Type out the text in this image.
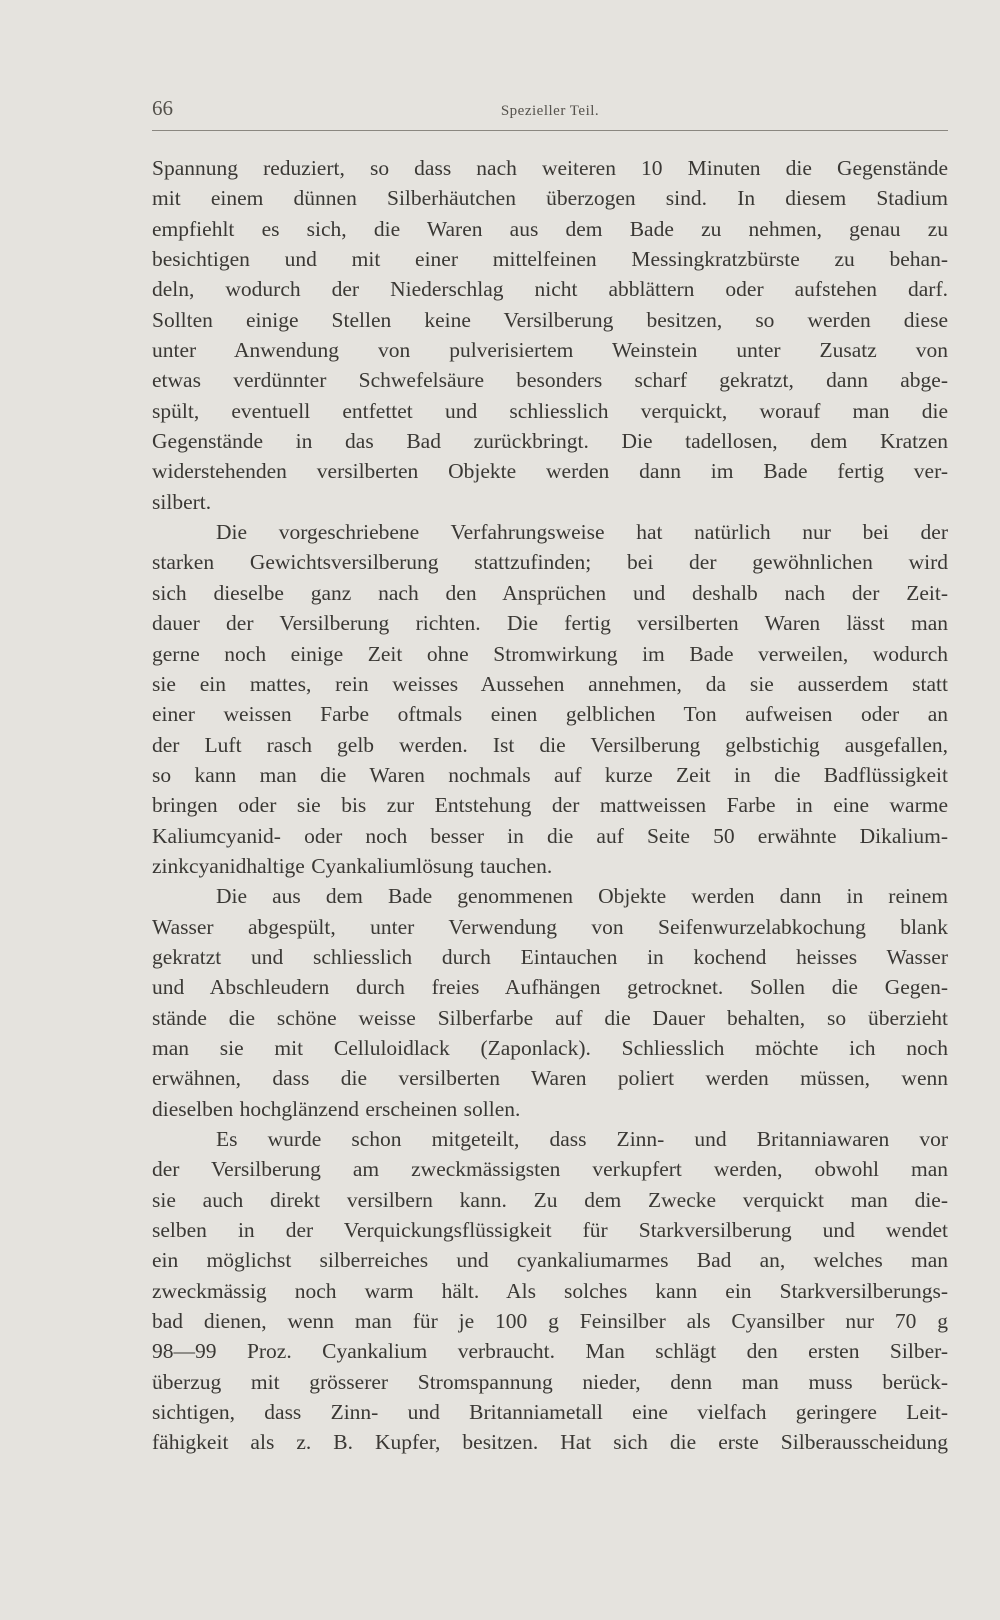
66	Spezieller Teil.
Spannung reduziert, so dass nach weiteren 10 Minuten die Gegenstände
mit einem dünnen Silberhäutchen überzogen sind. In diesem Stadium
empfiehlt es sich, die Waren aus dem Bade zu nehmen, genau zu
besichtigen und mit einer mittelfeinen Messingkratzbürste zu behan-
deln, wodurch der Niederschlag nicht abblättern oder aufstehen darf.
Sollten einige Stellen keine Versilberung besitzen, so werden diese
unter Anwendung von pulverisiertem Weinstein unter Zusatz von
etwas verdünnter Schwefelsäure besonders scharf gekratzt, dann abge-
spült, eventuell entfettet und schliesslich verquickt, worauf man die
Gegenstände in das Bad zurückbringt. Die tadellosen, dem Kratzen
widerstehenden versilberten Objekte werden dann im Bade fertig ver-
silbert.
Die vorgeschriebene Verfahrungsweise hat natürlich nur bei der
starken Gewichtsversilberung stattzufinden; bei der gewöhnlichen wird
sich dieselbe ganz nach den Ansprüchen und deshalb nach der Zeit-
dauer der Versilberung richten. Die fertig versilberten Waren lässt man
gerne noch einige Zeit ohne Stromwirkung im Bade verweilen, wodurch
sie ein mattes, rein weisses Aussehen annehmen, da sie ausserdem statt
einer weissen Farbe oftmals einen gelblichen Ton aufweisen oder an
der Luft rasch gelb werden. Ist die Versilberung gelbstichig ausgefallen,
so kann man die Waren nochmals auf kurze Zeit in die Badflüssigkeit
bringen oder sie bis zur Entstehung der mattweissen Farbe in eine warme
Kaliumcyanid- oder noch besser in die auf Seite 50 erwähnte Dikalium-
zinkcyanidhaltige Cyankaliumlösung tauchen.
Die aus dem Bade genommenen Objekte werden dann in reinem
Wasser abgespült, unter Verwendung von Seifenwurzelabkochung blank
gekratzt und schliesslich durch Eintauchen in kochend heisses Wasser
und Abschleudern durch freies Aufhängen getrocknet. Sollen die Gegen-
stände die schöne weisse Silberfarbe auf die Dauer behalten, so überzieht
man sie mit Celluloidlack (Zaponlack). Schliesslich möchte ich noch
erwähnen, dass die versilberten Waren poliert werden müssen, wenn
dieselben hochglänzend erscheinen sollen.
Es wurde schon mitgeteilt, dass Zinn- und Britanniawaren vor
der Versilberung am zweckmässigsten verkupfert werden, obwohl man
sie auch direkt versilbern kann. Zu dem Zwecke verquickt man die-
selben in der Verquickungsflüssigkeit für Starkversilberung und wendet
ein möglichst silberreiches und cyankaliumarmes Bad an, welches man
zweckmässig noch warm hält. Als solches kann ein Starkversilberungs-
bad dienen, wenn man für je 100 g Feinsilber als Cyansilber nur 70 g
98—99 Proz. Cyankalium verbraucht. Man schlägt den ersten Silber-
überzug mit grösserer Stromspannung nieder, denn man muss berück-
sichtigen, dass Zinn- und Britanniametall eine vielfach geringere Leit-
fähigkeit als z. B. Kupfer, besitzen. Hat sich die erste Silberausscheidung
